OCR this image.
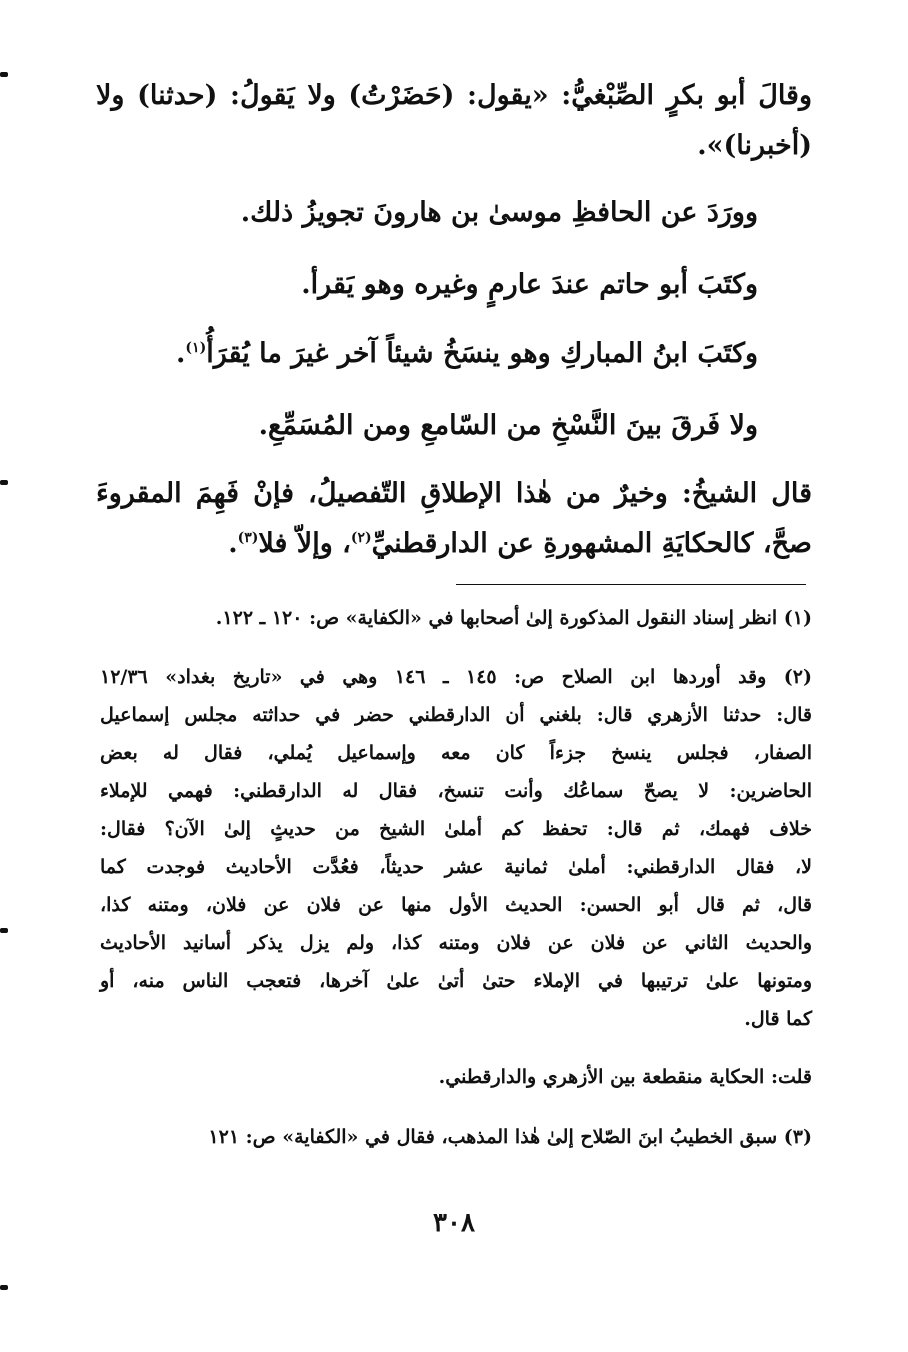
وقالَ أبو بكرٍ الصِّبْغيُّ: «يقول: (حَضَرْتُ) ولا يَقولُ: (حدثنا) ولا
(أخبرنا)».
وورَدَ عن الحافظِ موسىٰ بن هارونَ تجويزُ ذلك.
وكتَبَ أبو حاتم عندَ عارمٍ وغيره وهو يَقرأ.
وكتَبَ ابنُ المباركِ وهو ينسَخُ شيئاً آخر غيرَ ما يُقرَأُ$^{(١)}$.
ولا فَرقَ بينَ النَّسْخِ من السّامعِ ومن المُسَمِّعِ.
قال الشيخُ: وخيرٌ من هٰذا الإطلاقِ التّفصيلُ، فإنْ فَهِمَ المقروءَ
صحَّ، كالحكايَةِ المشهورةِ عن الدارقطنيِّ$^{(٢)}$، وإلاّ فلا$^{(٣)}$.
(١) انظر إسناد النقول المذكورة إلىٰ أصحابها في «الكفاية» ص: ١٢٠ ـ ١٢٢.
(٢) وقد أوردها ابن الصلاح ص: ١٤٥ ـ ١٤٦ وهي في «تاريخ بغداد» ١٢/٣٦
قال: حدثنا الأزهري قال: بلغني أن الدارقطني حضر في حداثته مجلس إسماعيل
الصفار، فجلس ينسخ جزءاً كان معه وإسماعيل يُملي، فقال له بعض
الحاضرين: لا يصحّ سماعُك وأنت تنسخ، فقال له الدارقطني: فهمي للإملاء
خلاف فهمك، ثم قال: تحفظ كم أملىٰ الشيخ من حديثٍ إلىٰ الآن؟ فقال:
لا، فقال الدارقطني: أملىٰ ثمانية عشر حديثاً، فعُدَّت الأحاديث فوجدت كما
قال، ثم قال أبو الحسن: الحديث الأول منها عن فلان عن فلان، ومتنه كذا،
والحديث الثاني عن فلان عن فلان ومتنه كذا، ولم يزل يذكر أسانيد الأحاديث
ومتونها علىٰ ترتيبها في الإملاء حتىٰ أتىٰ علىٰ آخرها، فتعجب الناس منه، أو
كما قال.
قلت: الحكاية منقطعة بين الأزهري والدارقطني.
(٣) سبق الخطيبُ ابنَ الصّلاح إلىٰ هٰذا المذهب، فقال في «الكفاية» ص: ١٢١
٣٠٨
